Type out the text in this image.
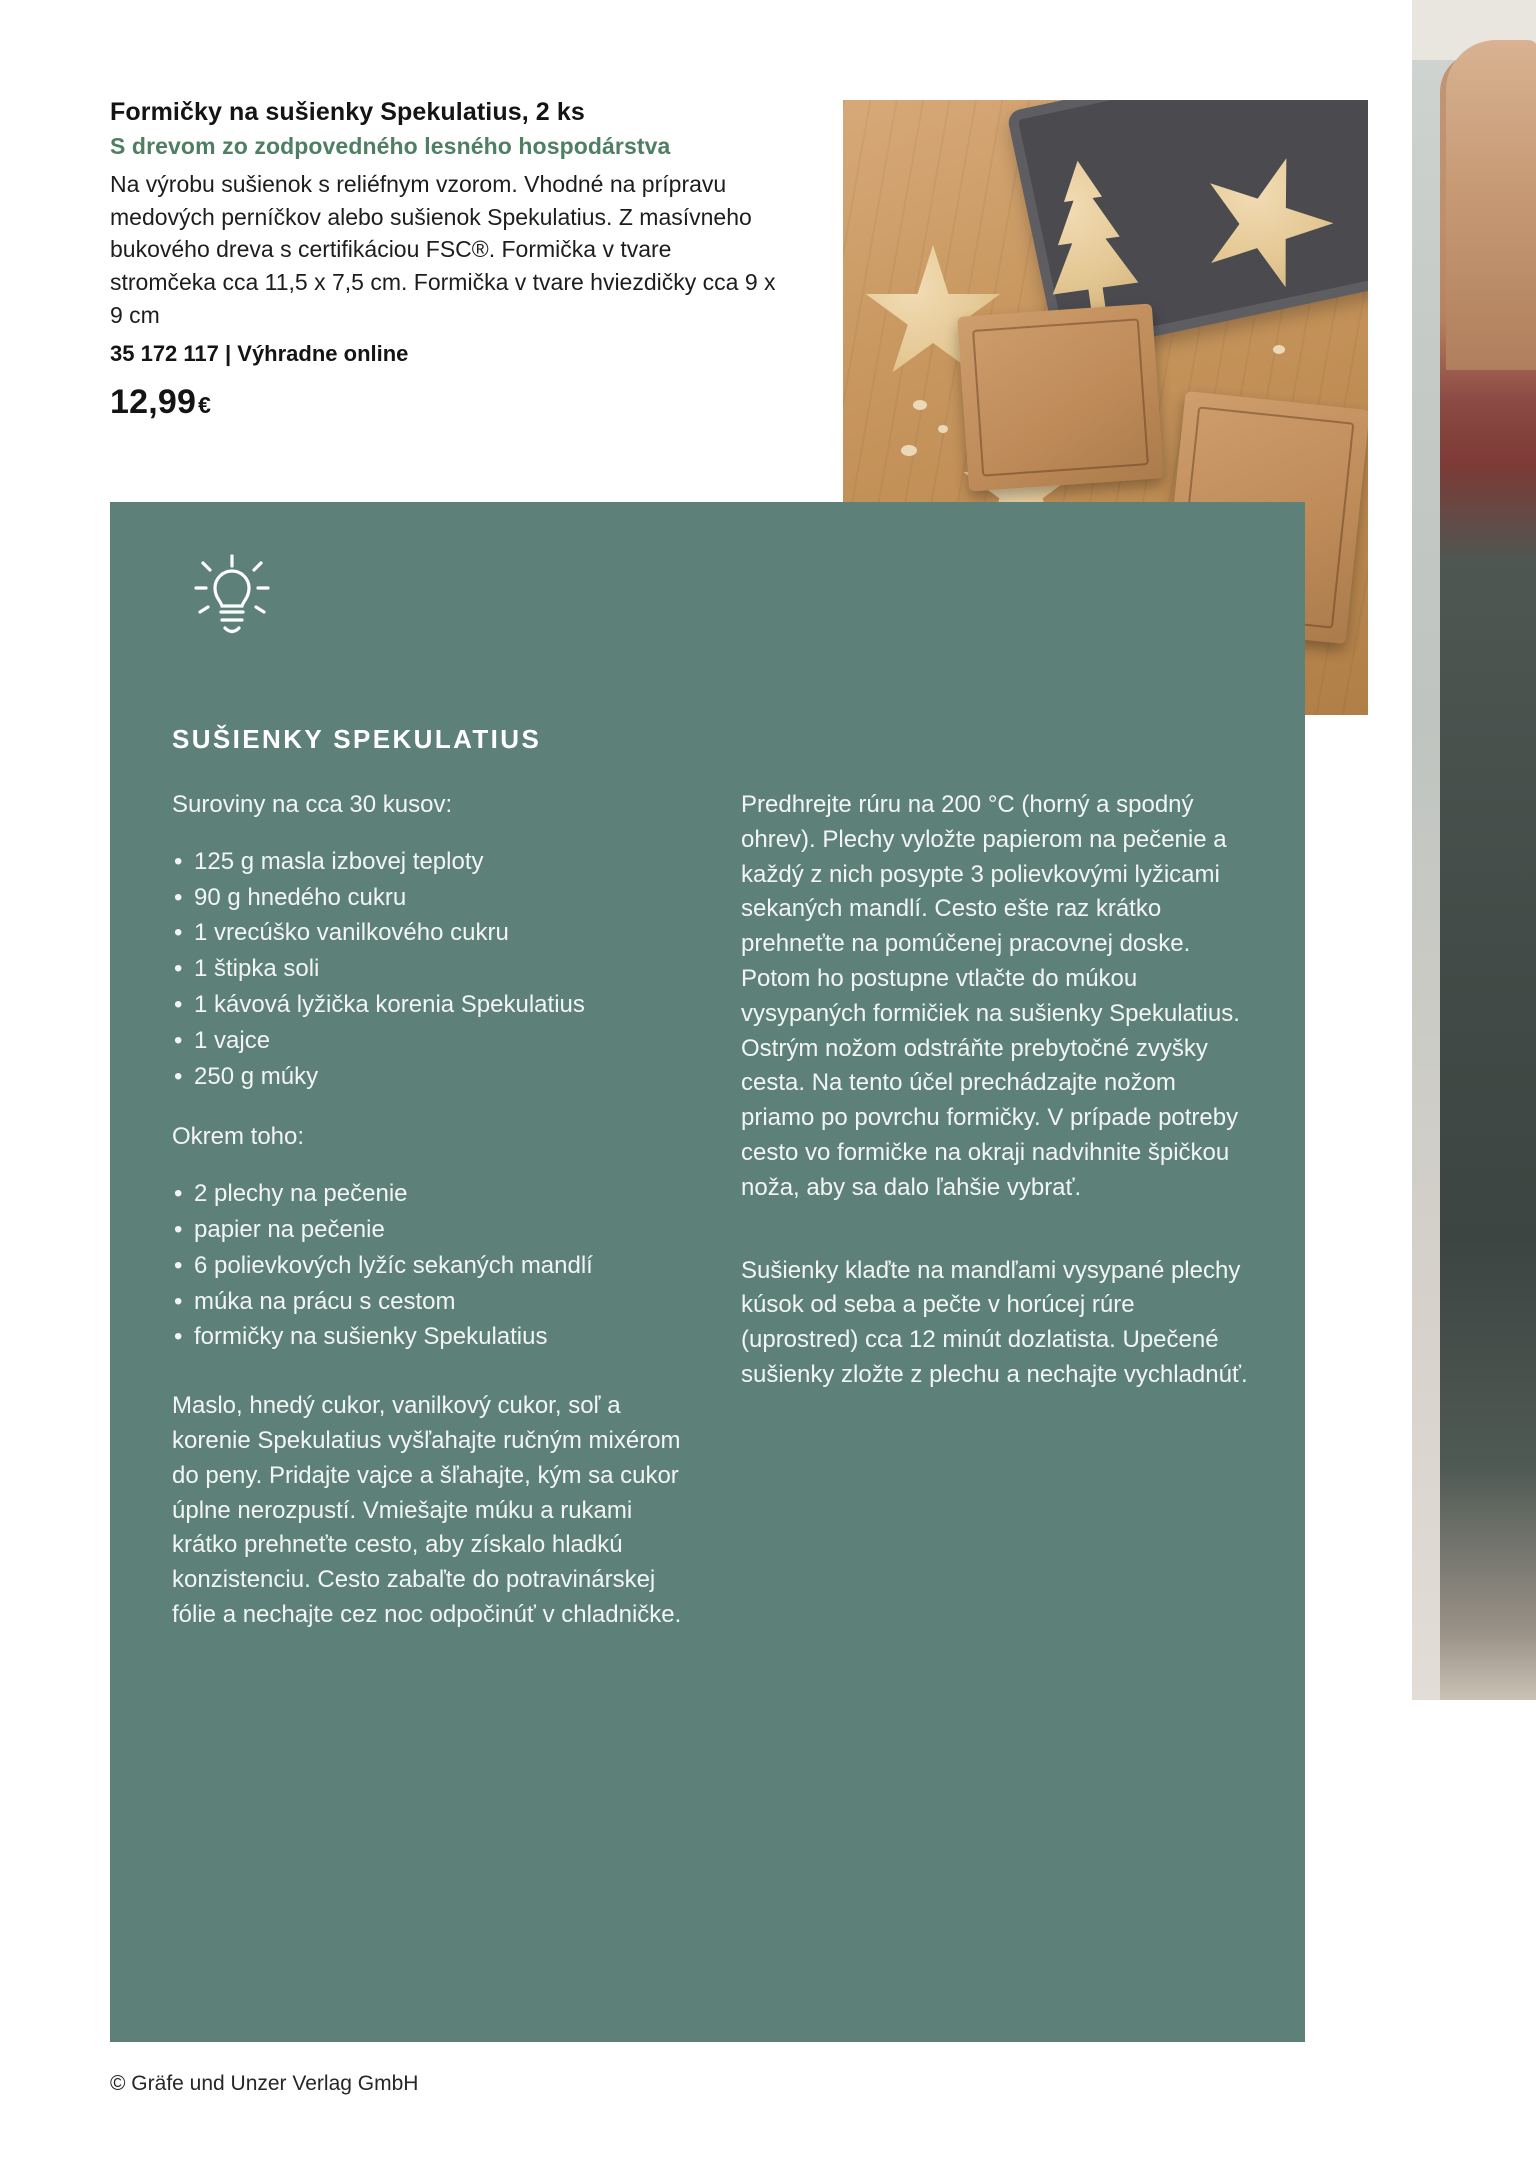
Formičky na sušienky Spekulatius, 2 ks

S drevom zo zodpovedného lesného hospodárstva

Na výrobu sušienok s reliéfnym vzorom. Vhodné na prípravu medových perníčkov alebo sušienok Spekulatius. Z masívneho bukového dreva s certifikáciou FSC®. Formička v tvare stromčeka cca 11,5 x 7,5 cm. Formička v tvare hviezdičky cca 9 x 9 cm

35 172 117 | Výhradne online

12,99€
SUŠIENKY SPEKULATIUS

Suroviny na cca 30 kusov:

• 125 g masla izbovej teploty
• 90 g hnedého cukru
• 1 vrecúško vanilkového cukru
• 1 štipka soli
• 1 kávová lyžička korenia Spekulatius
• 1 vajce
• 250 g múky

Okrem toho:

• 2 plechy na pečenie
• papier na pečenie
• 6 polievkových lyžíc sekaných mandlí
• múka na prácu s cestom
• formičky na sušienky Spekulatius

Maslo, hnedý cukor, vanilkový cukor, soľ a korenie Spekulatius vyšľahajte ručným mixérom do peny. Pridajte vajce a šľahajte, kým sa cukor úplne nerozpustí. Vmiešajte múku a rukami krátko prehneťte cesto, aby získalo hladkú konzistenciu. Cesto zabaľte do potravinárskej fólie a nechajte cez noc odpočinúť v chladničke.

Predhrejte rúru na 200 °C (horný a spodný ohrev). Plechy vyložte papierom na pečenie a každý z nich posypte 3 polievkovými lyžicami sekaných mandlí. Cesto ešte raz krátko prehneťte na pomúčenej pracovnej doske. Potom ho postupne vtlačte do múkou vysypaných formičiek na sušienky Spekulatius. Ostrým nožom odstráňte prebytočné zvyšky cesta. Na tento účel prechádzajte nožom priamo po povrchu formičky. V prípade potreby cesto vo formičke na okraji nadvihnite špičkou noža, aby sa dalo ľahšie vybrať.

Sušienky klaďte na mandľami vysypané plechy kúsok od seba a pečte v horúcej rúre (uprostred) cca 12 minút dozlatista. Upečené sušienky zložte z plechu a nechajte vychladnúť.

© Gräfe und Unzer Verlag GmbH
